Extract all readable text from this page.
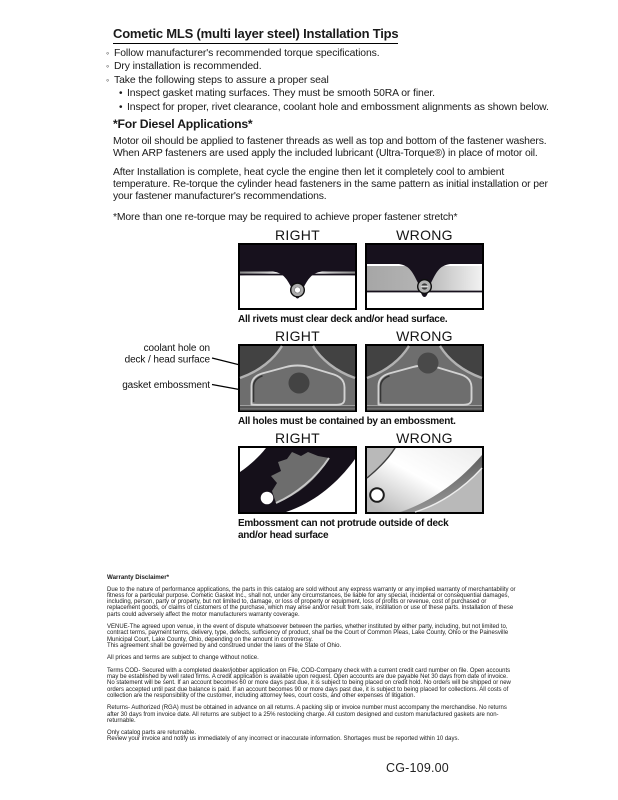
Cometic MLS (multi layer steel) Installation Tips
◦ Follow manufacturer's recommended torque specifications.
◦ Dry installation is recommended.
◦ Take the following steps to assure a proper seal
• Inspect gasket mating surfaces. They must be smooth 50RA or finer.
• Inspect for proper, rivet clearance, coolant hole and embossment alignments as shown below.
*For Diesel Applications*

Motor oil should be applied to fastener threads as well as top and bottom of the fastener washers. When ARP fasteners are used apply the included lubricant (Ultra-Torque®) in place of motor oil.

After Installation is complete, heat cycle the engine then let it completely cool to ambient temperature. Re-torque the cylinder head fasteners in the same pattern as initial installation or per your fastener manufacturer's recommendations.

*More than one re-torque may be required to achieve proper fastener stretch*

RIGHT	WRONG
All rivets must clear deck and/or head surface.
RIGHT	WRONG
coolant hole on
deck / head surface
gasket embossment
All holes must be contained by an embossment.
RIGHT	WRONG
Embossment can not protrude outside of deck
and/or head surface
Warranty Disclaimer*
Due to the nature of performance applications, the parts in this catalog are sold without any express warranty or any implied warranty of merchantability or fitness for a particular purpose. Cometic Gasket Inc., shall not, under any circumstances, be liable for any special, incidental or consequential damages, including, person, party or property, but not limited to, damage, or loss of property or equipment, loss of profits or revenue, cost of purchased or replacement goods, or claims of customers of the purchase, which may arise and/or result from sale, instillation or use of these parts. Installation of these parts could adversely affect the motor manufacturers warranty coverage.
VENUE-The agreed upon venue, in the event of dispute whatsoever between the parties, whether instituted by either party, including, but not limited to, contract terms, payment terms, delivery, type, defects, sufficiency of product, shall be the Court of Common Pleas, Lake County, Ohio or the Painesville Municipal Court, Lake County, Ohio, depending on the amount in controversy.
This agreement shall be governed by and construed under the laws of the State of Ohio.
All prices and terms are subject to change without notice.
Terms COD- Secured with a completed dealer/jobber application on File, COD-Company check with a current credit card number on file. Open accounts may be established by well rated firms. A credit application is available upon request. Open accounts are due payable Net 30 days from date of invoice. No statement will be sent. If an account becomes 60 or more days past due, it is subject to being placed on credit hold. No orders will be shipped or new orders accepted until past due balance is paid. If an account becomes 90 or more days past due, it is subject to being placed for collections. All costs of collection are the responsibility of the customer, including attorney fees, court costs, and other expenses of litigation.
Returns- Authorized (RGA) must be obtained in advance on all returns. A packing slip or invoice number must accompany the merchandise. No returns after 30 days from invoice date. All returns are subject to a 25% restocking charge. All custom designed and custom manufactured gaskets are non-returnable.
Only catalog parts are returnable.
Review your invoice and notify us immediately of any incorrect or inaccurate information. Shortages must be reported within 10 days.
CG-109.00
